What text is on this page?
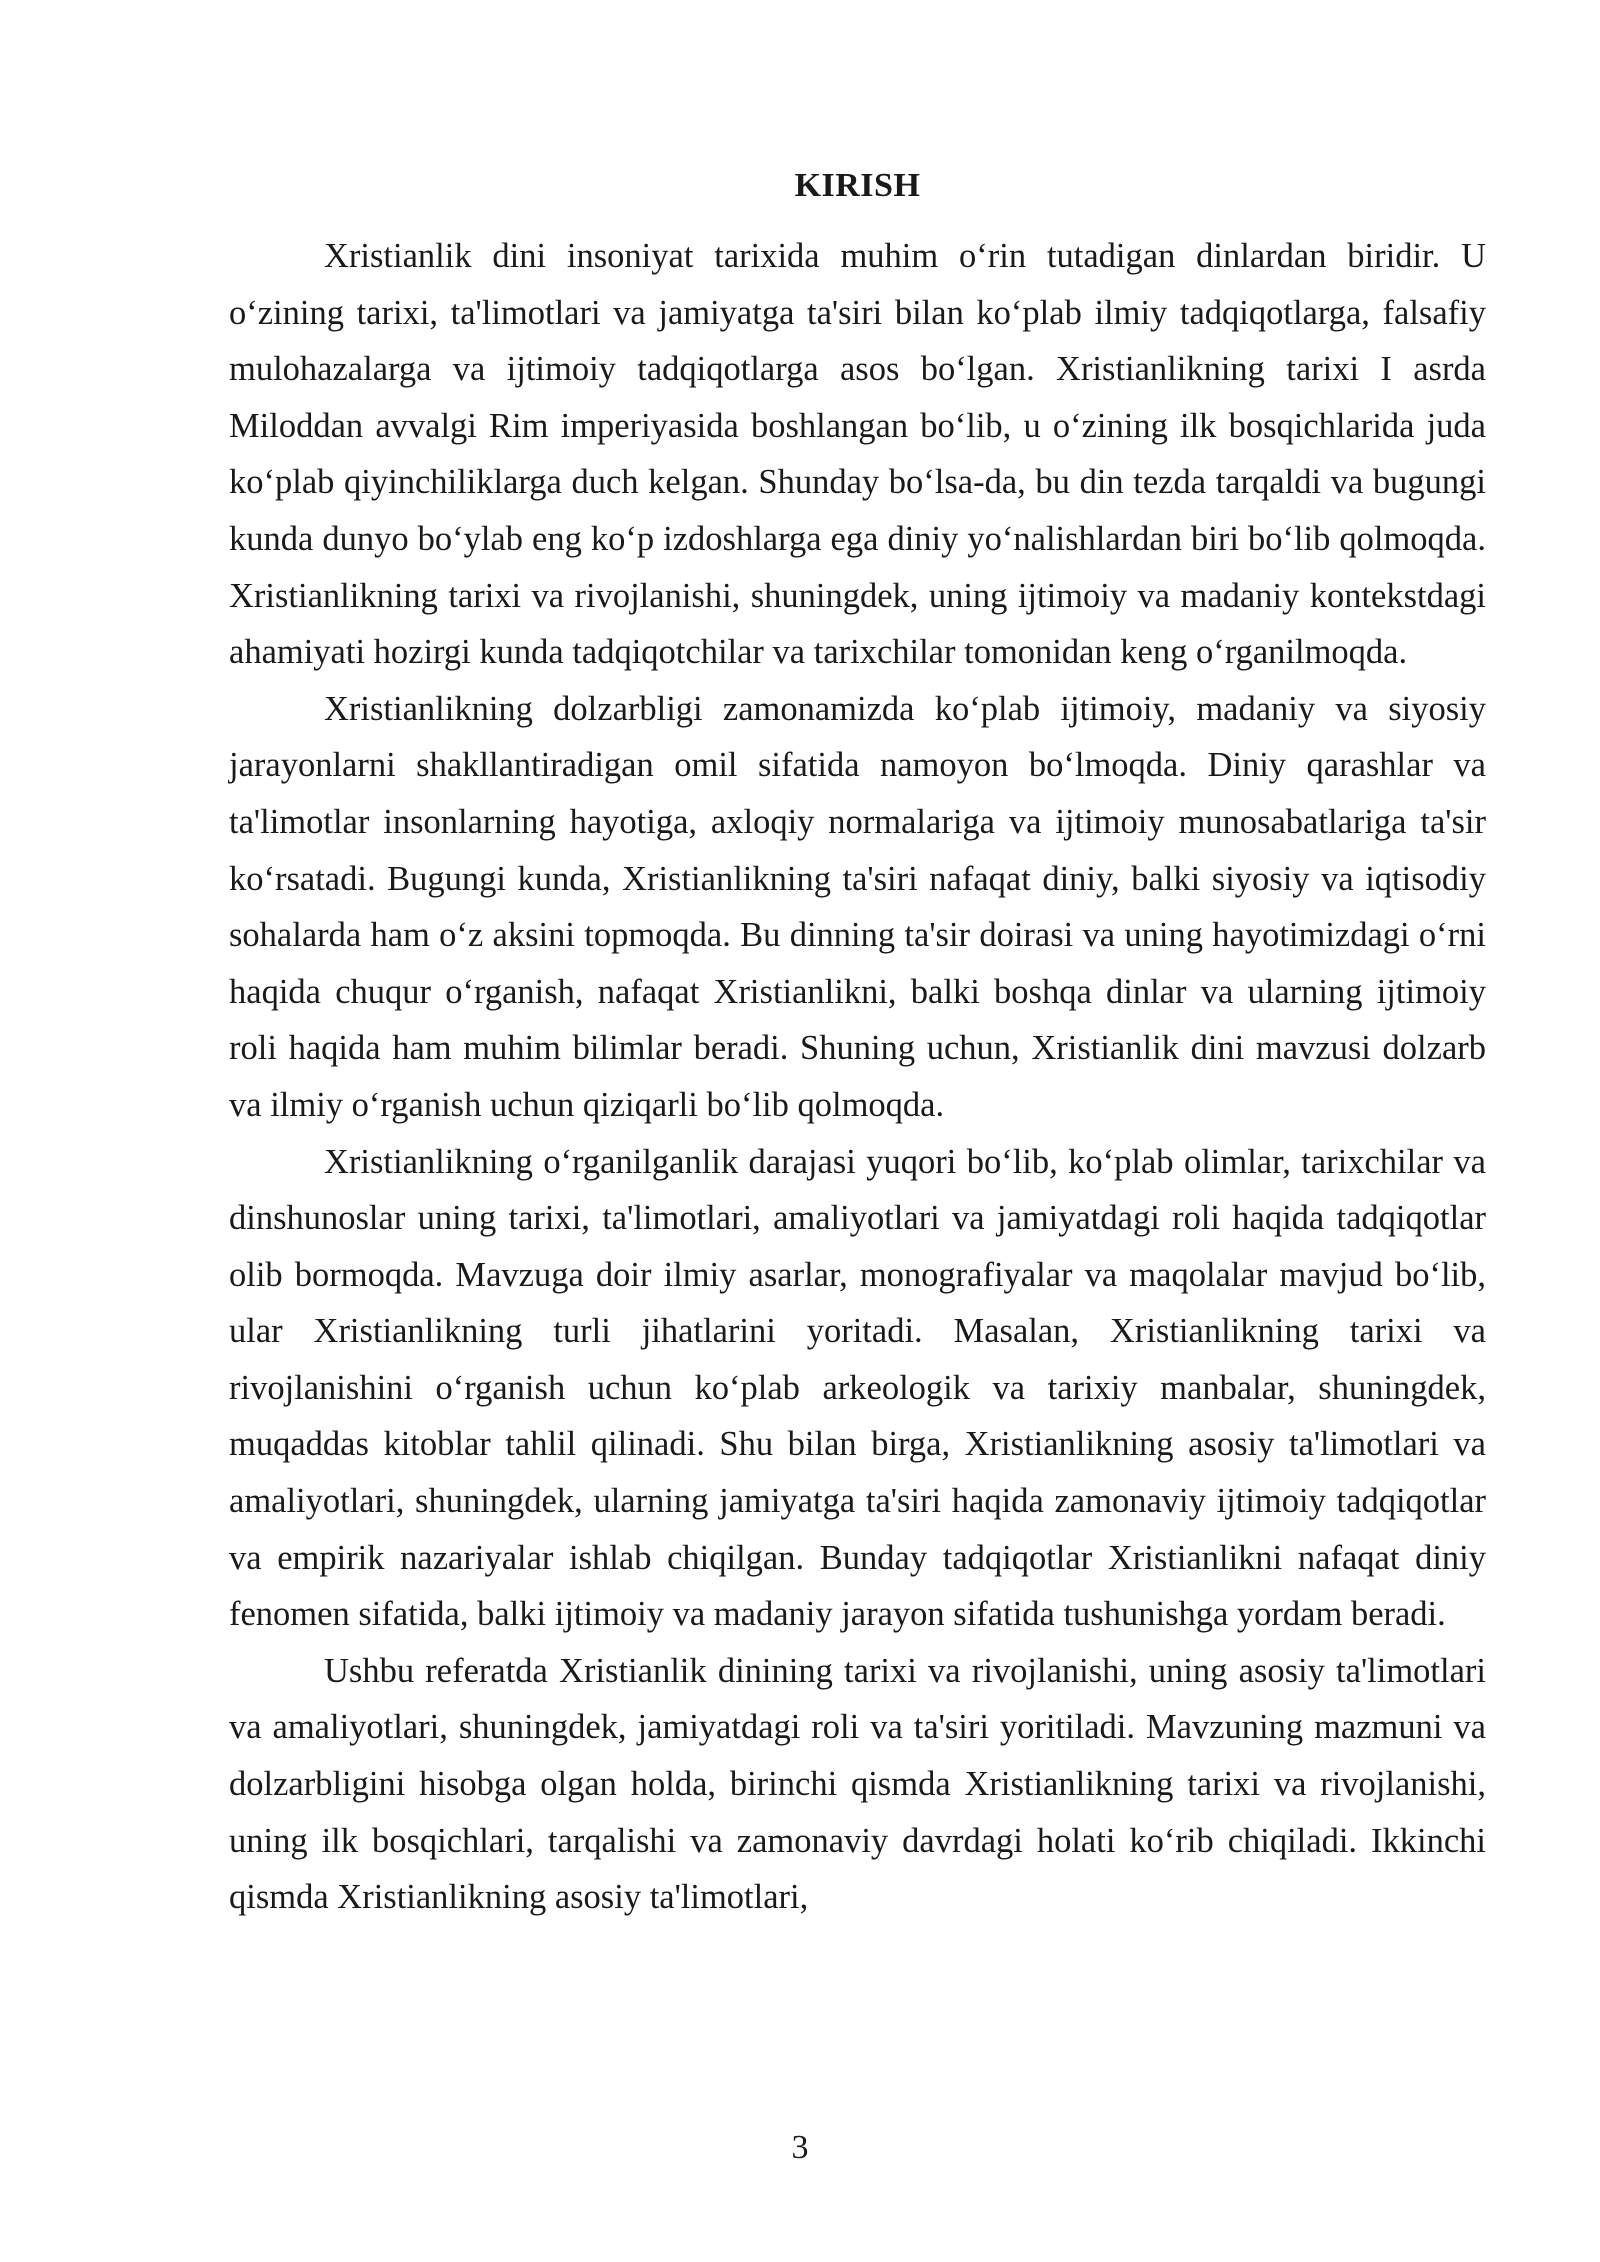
KIRISH

Xristianlik dini insoniyat tarixida muhim o‘rin tutadigan dinlardan biridir. U o‘zining tarixi, ta'limotlari va jamiyatga ta'siri bilan ko‘plab ilmiy tadqiqotlarga, falsafiy mulohazalarga va ijtimoiy tadqiqotlarga asos bo‘lgan. Xristianlikning tarixi I asrda Miloddan avvalgi Rim imperiyasida boshlangan bo‘lib, u o‘zining ilk bosqichlarida juda ko‘plab qiyinchiliklarga duch kelgan. Shunday bo‘lsa-da, bu din tezda tarqaldi va bugungi kunda dunyo bo‘ylab eng ko‘p izdoshlarga ega diniy yo‘nalishlardan biri bo‘lib qolmoqda. Xristianlikning tarixi va rivojlanishi, shuningdek, uning ijtimoiy va madaniy kontekstdagi ahamiyati hozirgi kunda tadqiqotchilar va tarixchilar tomonidan keng o‘rganilmoqda.

Xristianlikning dolzarbligi zamonamizda ko‘plab ijtimoiy, madaniy va siyosiy jarayonlarni shakllantiradigan omil sifatida namoyon bo‘lmoqda. Diniy qarashlar va ta'limotlar insonlarning hayotiga, axloqiy normalariga va ijtimoiy munosabatlariga ta'sir ko‘rsatadi. Bugungi kunda, Xristianlikning ta'siri nafaqat diniy, balki siyosiy va iqtisodiy sohalarda ham o‘z aksini topmoqda. Bu dinning ta'sir doirasi va uning hayotimizdagi o‘rni haqida chuqur o‘rganish, nafaqat Xristianlikni, balki boshqa dinlar va ularning ijtimoiy roli haqida ham muhim bilimlar beradi. Shuning uchun, Xristianlik dini mavzusi dolzarb va ilmiy o‘rganish uchun qiziqarli bo‘lib qolmoqda.

Xristianlikning o‘rganilganlik darajasi yuqori bo‘lib, ko‘plab olimlar, tarixchilar va dinshunoslar uning tarixi, ta'limotlari, amaliyotlari va jamiyatdagi roli haqida tadqiqotlar olib bormoqda. Mavzuga doir ilmiy asarlar, monografiyalar va maqolalar mavjud bo‘lib, ular Xristianlikning turli jihatlarini yoritadi. Masalan, Xristianlikning tarixi va rivojlanishini o‘rganish uchun ko‘plab arkeologik va tarixiy manbalar, shuningdek, muqaddas kitoblar tahlil qilinadi. Shu bilan birga, Xristianlikning asosiy ta'limotlari va amaliyotlari, shuningdek, ularning jamiyatga ta'siri haqida zamonaviy ijtimoiy tadqiqotlar va empirik nazariyalar ishlab chiqilgan. Bunday tadqiqotlar Xristianlikni nafaqat diniy fenomen sifatida, balki ijtimoiy va madaniy jarayon sifatida tushunishga yordam beradi.

Ushbu referatda Xristianlik dinining tarixi va rivojlanishi, uning asosiy ta'limotlari va amaliyotlari, shuningdek, jamiyatdagi roli va ta'siri yoritiladi. Mavzuning mazmuni va dolzarbligini hisobga olgan holda, birinchi qismda Xristianlikning tarixi va rivojlanishi, uning ilk bosqichlari, tarqalishi va zamonaviy davrdagi holati ko‘rib chiqiladi. Ikkinchi qismda Xristianlikning asosiy ta'limotlari,

3
